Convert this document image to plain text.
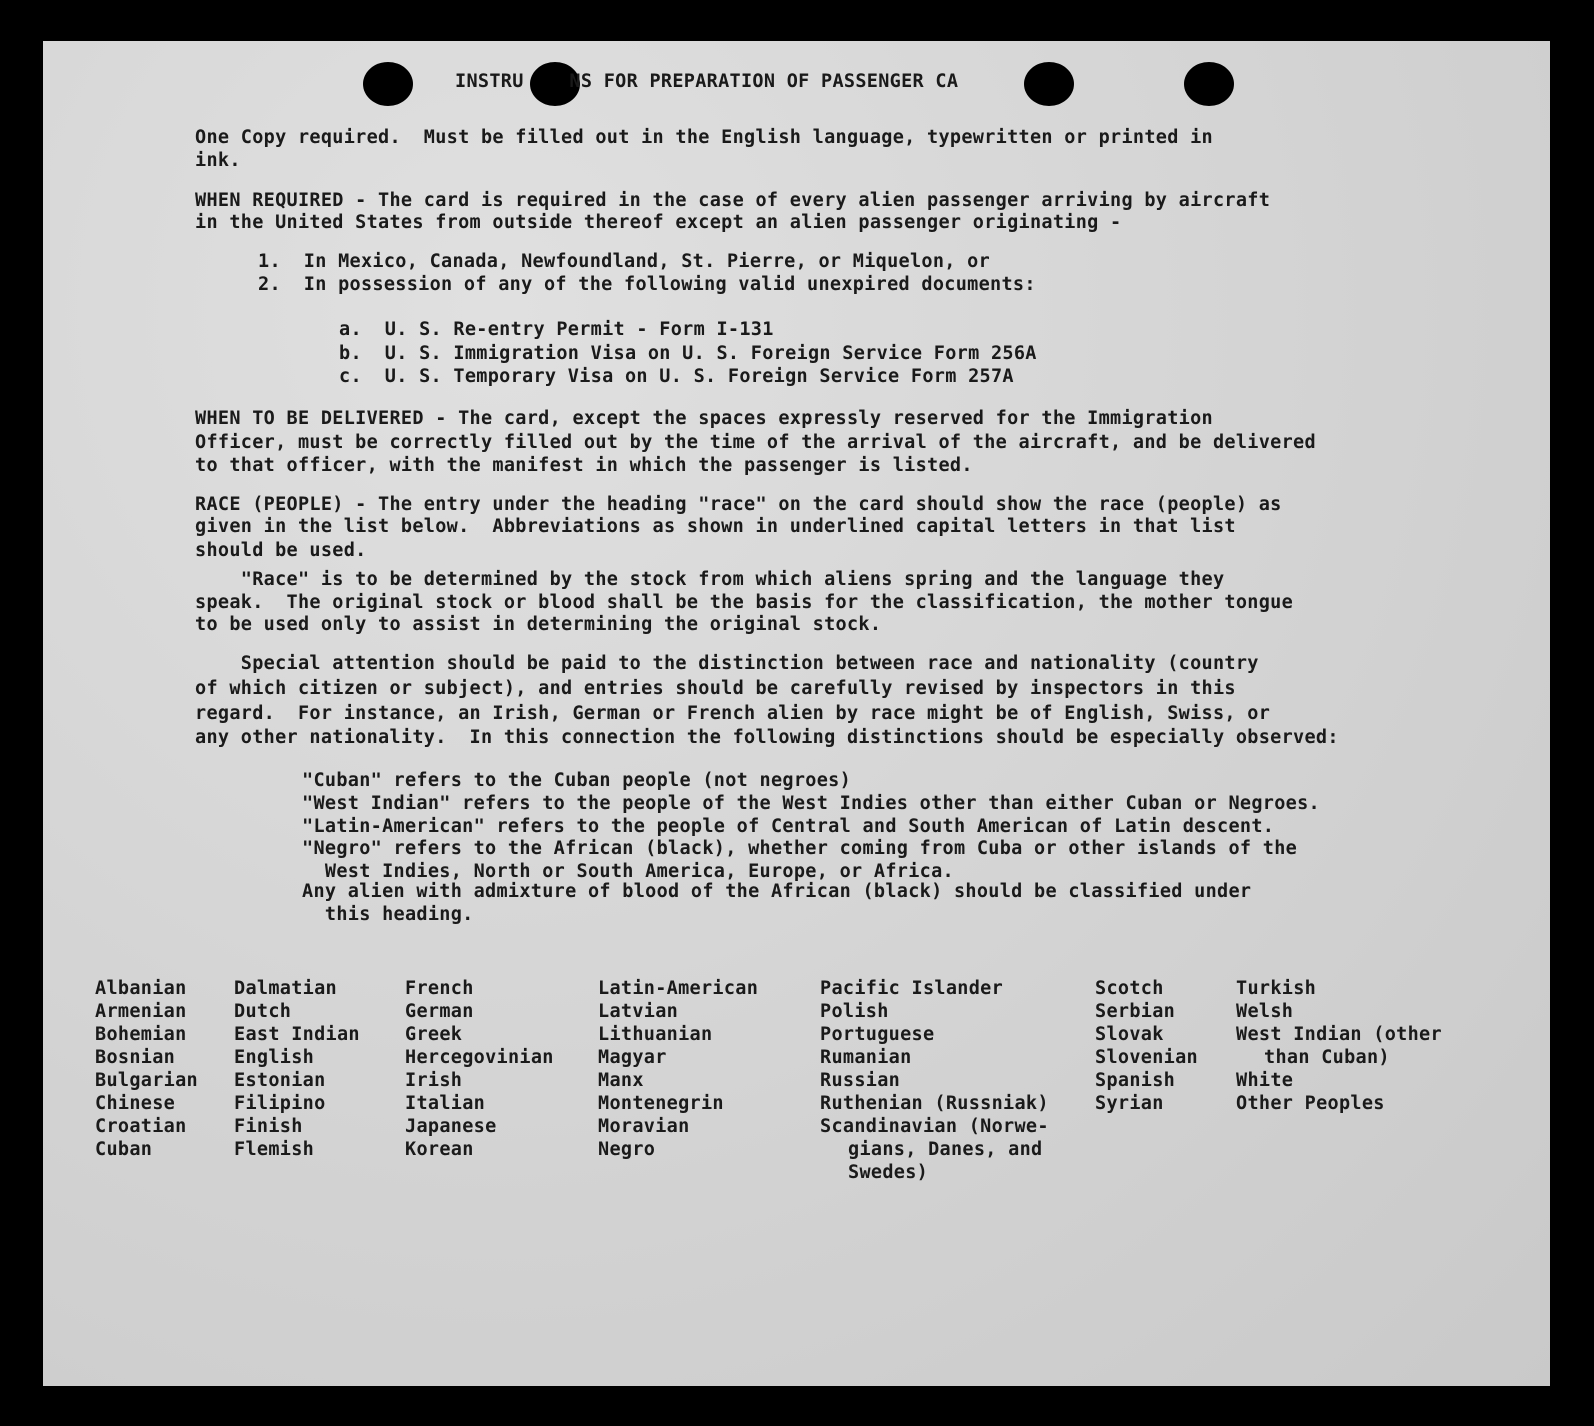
INSTRU    NS FOR PREPARATION OF PASSENGER CA
One Copy required.  Must be filled out in the English language, typewritten or printed in
ink.
WHEN REQUIRED - The card is required in the case of every alien passenger arriving by aircraft
in the United States from outside thereof except an alien passenger originating -
1.  In Mexico, Canada, Newfoundland, St. Pierre, or Miquelon, or
2.  In possession of any of the following valid unexpired documents:
a.  U. S. Re-entry Permit - Form I-131
b.  U. S. Immigration Visa on U. S. Foreign Service Form 256A
c.  U. S. Temporary Visa on U. S. Foreign Service Form 257A
WHEN TO BE DELIVERED - The card, except the spaces expressly reserved for the Immigration
Officer, must be correctly filled out by the time of the arrival of the aircraft, and be delivered
to that officer, with the manifest in which the passenger is listed.
RACE (PEOPLE) - The entry under the heading "race" on the card should show the race (people) as
given in the list below.  Abbreviations as shown in underlined capital letters in that list
should be used.
"Race" is to be determined by the stock from which aliens spring and the language they
speak.  The original stock or blood shall be the basis for the classification, the mother tongue
to be used only to assist in determining the original stock.
Special attention should be paid to the distinction between race and nationality (country
of which citizen or subject), and entries should be carefully revised by inspectors in this
regard.  For instance, an Irish, German or French alien by race might be of English, Swiss, or
any other nationality.  In this connection the following distinctions should be especially observed:
"Cuban" refers to the Cuban people (not negroes)
"West Indian" refers to the people of the West Indies other than either Cuban or Negroes.
"Latin-American" refers to the people of Central and South American of Latin descent.
"Negro" refers to the African (black), whether coming from Cuba or other islands of the
West Indies, North or South America, Europe, or Africa.
Any alien with admixture of blood of the African (black) should be classified under
this heading.
Albanian
Armenian
Bohemian
Bosnian
Bulgarian
Chinese
Croatian
Cuban
Dalmatian
Dutch
East Indian
English
Estonian
Filipino
Finish
Flemish
French
German
Greek
Hercegovinian
Irish
Italian
Japanese
Korean
Latin-American
Latvian
Lithuanian
Magyar
Manx
Montenegrin
Moravian
Negro
Pacific Islander
Polish
Portuguese
Rumanian
Russian
Ruthenian (Russniak)
Scandinavian (Norwe-
gians, Danes, and
Swedes)
Scotch
Serbian
Slovak
Slovenian
Spanish
Syrian
Turkish
Welsh
West Indian (other
than Cuban)
White
Other Peoples
